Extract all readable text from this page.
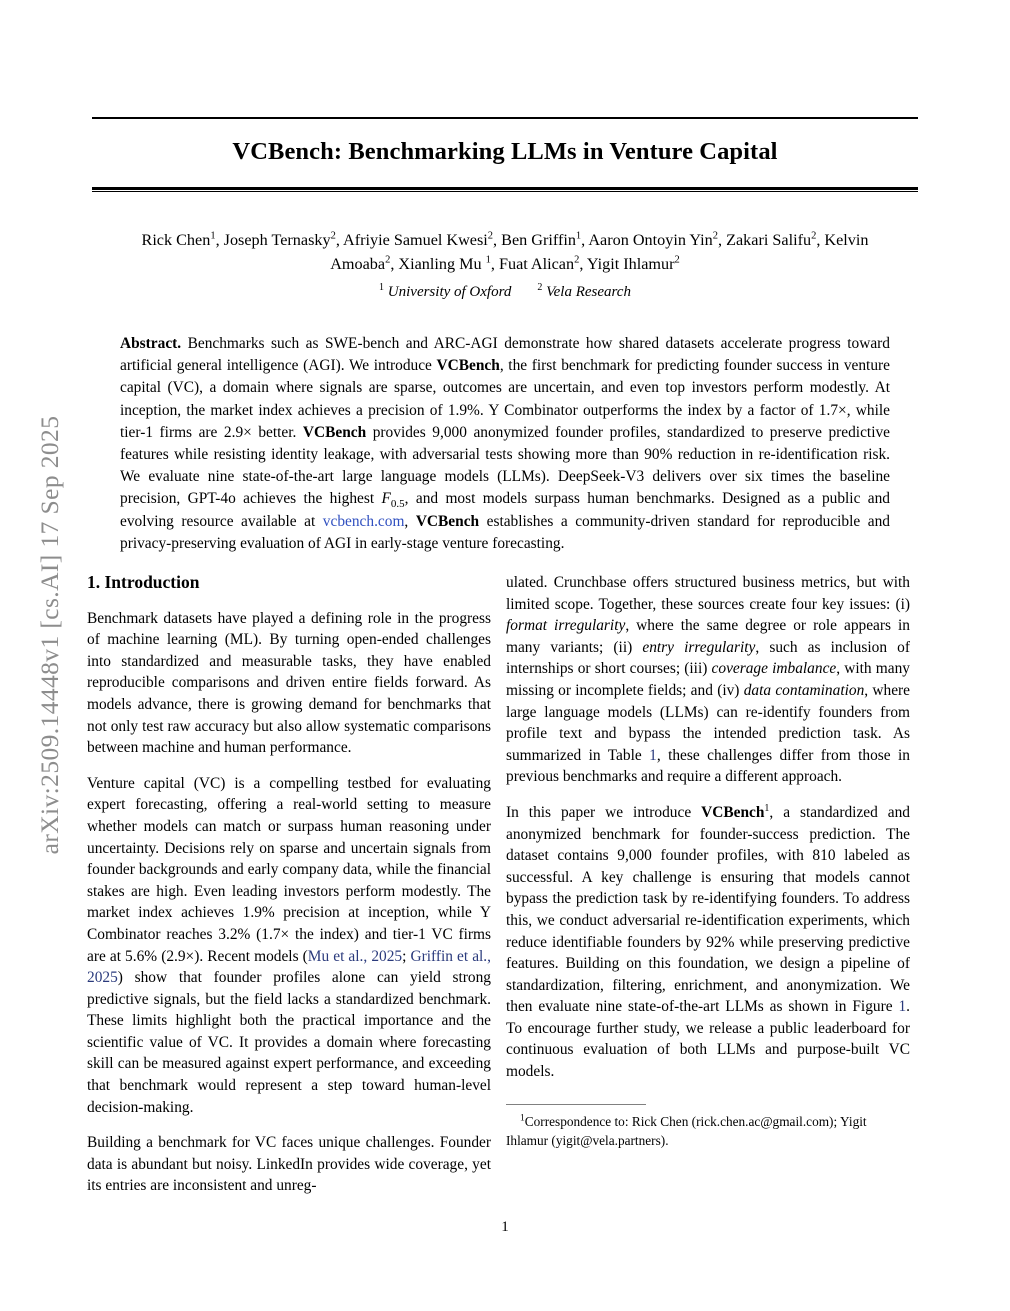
arXiv:2509.14448v1 [cs.AI] 17 Sep 2025
VCBench: Benchmarking LLMs in Venture Capital
Rick Chen$^1$, Joseph Ternasky$^2$, Afriyie Samuel Kwesi$^2$, Ben Griffin$^1$, Aaron Ontoyin Yin$^2$, Zakari Salifu$^2$, Kelvin
Amoaba$^2$, Xianling Mu $^1$, Fuat Alican$^2$, Yigit Ihlamur$^2$
$^1$ University of Oxford	$^2$ Vela Research
Abstract. Benchmarks such as SWE-bench and ARC-AGI demonstrate how shared datasets accelerate progress toward artificial general intelligence (AGI). We introduce VCBench, the first benchmark for predicting founder success in venture capital (VC), a domain where signals are sparse, outcomes are uncertain, and even top investors perform modestly. At inception, the market index achieves a precision of 1.9%. Y Combinator outperforms the index by a factor of 1.7×, while tier-1 firms are 2.9× better. VCBench provides 9,000 anonymized founder profiles, standardized to preserve predictive features while resisting identity leakage, with adversarial tests showing more than 90% reduction in re-identification risk. We evaluate nine state-of-the-art large language models (LLMs). DeepSeek-V3 delivers over six times the baseline precision, GPT-4o achieves the highest $F_{0.5}$, and most models surpass human benchmarks. Designed as a public and evolving resource available at vcbench.com, VCBench establishes a community-driven standard for reproducible and privacy-preserving evaluation of AGI in early-stage venture forecasting.
1. Introduction

Benchmark datasets have played a defining role in the progress of machine learning (ML). By turning open-ended challenges into standardized and measurable tasks, they have enabled reproducible comparisons and driven entire fields forward. As models advance, there is growing demand for benchmarks that not only test raw accuracy but also allow systematic comparisons between machine and human performance.

Venture capital (VC) is a compelling testbed for evaluating expert forecasting, offering a real-world setting to measure whether models can match or surpass human reasoning under uncertainty. Decisions rely on sparse and uncertain signals from founder backgrounds and early company data, while the financial stakes are high. Even leading investors perform modestly. The market index achieves 1.9% precision at inception, while Y Combinator reaches 3.2% (1.7× the index) and tier-1 VC firms are at 5.6% (2.9×). Recent models (Mu et al., 2025; Griffin et al., 2025) show that founder profiles alone can yield strong predictive signals, but the field lacks a standardized benchmark. These limits highlight both the practical importance and the scientific value of VC. It provides a domain where forecasting skill can be measured against expert performance, and exceeding that benchmark would represent a step toward human-level decision-making.

Building a benchmark for VC faces unique challenges. Founder data is abundant but noisy. LinkedIn provides wide coverage, yet its entries are inconsistent and unreg-

ulated. Crunchbase offers structured business metrics, but with limited scope. Together, these sources create four key issues: (i) format irregularity, where the same degree or role appears in many variants; (ii) entry irregularity, such as inclusion of internships or short courses; (iii) coverage imbalance, with many missing or incomplete fields; and (iv) data contamination, where large language models (LLMs) can re-identify founders from profile text and bypass the intended prediction task. As summarized in Table 1, these challenges differ from those in previous benchmarks and require a different approach.

In this paper we introduce VCBench$^1$, a standardized and anonymized benchmark for founder-success prediction. The dataset contains 9,000 founder profiles, with 810 labeled as successful. A key challenge is ensuring that models cannot bypass the prediction task by re-identifying founders. To address this, we conduct adversarial re-identification experiments, which reduce identifiable founders by 92% while preserving predictive features. Building on this foundation, we design a pipeline of standardization, filtering, enrichment, and anonymization. We then evaluate nine state-of-the-art LLMs as shown in Figure 1. To encourage further study, we release a public leaderboard for continuous evaluation of both LLMs and purpose-built VC models.

$^1$Correspondence to: Rick Chen (rick.chen.ac@gmail.com); Yigit Ihlamur (yigit@vela.partners).
1
